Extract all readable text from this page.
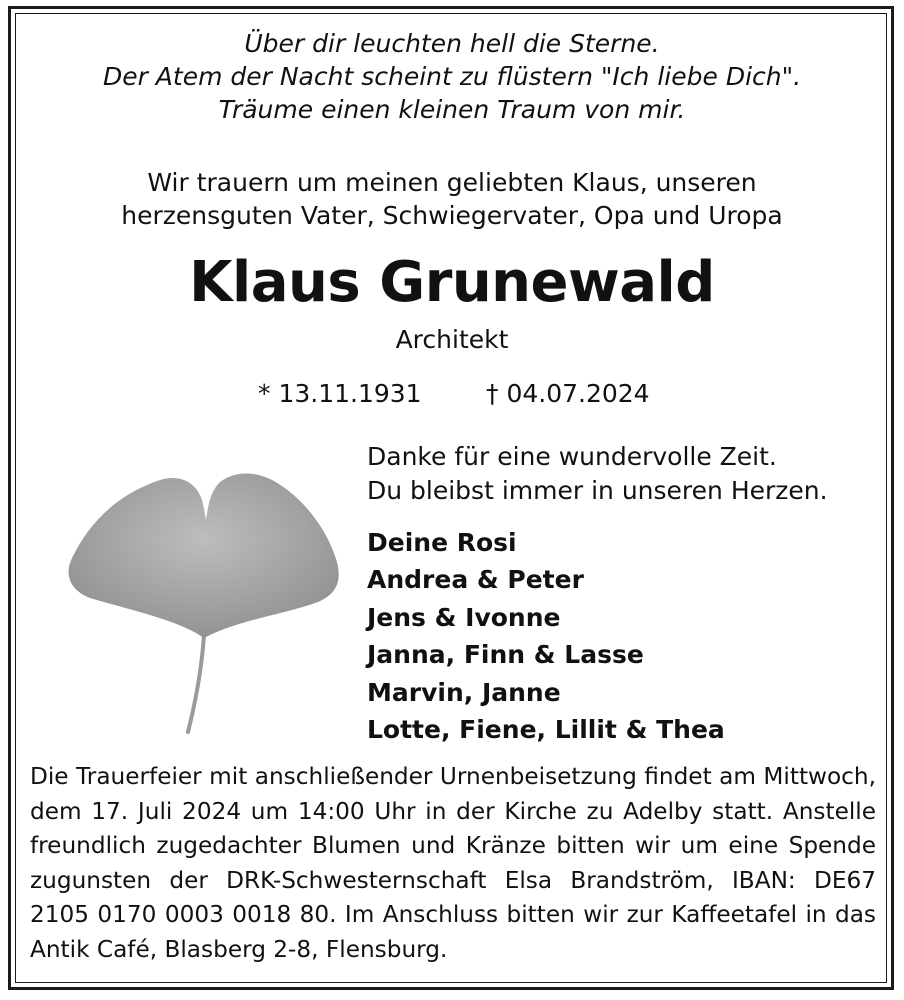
Über dir leuchten hell die Sterne.
Der Atem der Nacht scheint zu flüstern "Ich liebe Dich".
Träume einen kleinen Traum von mir.
Wir trauern um meinen geliebten Klaus, unseren
herzensguten Vater, Schwiegervater, Opa und Uropa
Klaus Grunewald
Architekt
* 13.11.1931	† 04.07.2024
Danke für eine wundervolle Zeit.
Du bleibst immer in unseren Herzen.
Deine Rosi
Andrea & Peter
Jens & Ivonne
Janna, Finn & Lasse
Marvin, Janne
Lotte, Fiene, Lillit & Thea
Die Trauerfeier mit anschließender Urnenbeisetzung findet am Mittwoch, dem 17. Juli 2024 um 14:00 Uhr in der Kirche zu Adelby statt. Anstelle freundlich zugedachter Blumen und Kränze bitten wir um eine Spende zugunsten der DRK-Schwesternschaft Elsa Brandström, IBAN: DE67 2105 0170 0003 0018 80. Im Anschluss bitten wir zur Kaffeetafel in das Antik Café, Blasberg 2-8, Flensburg.
